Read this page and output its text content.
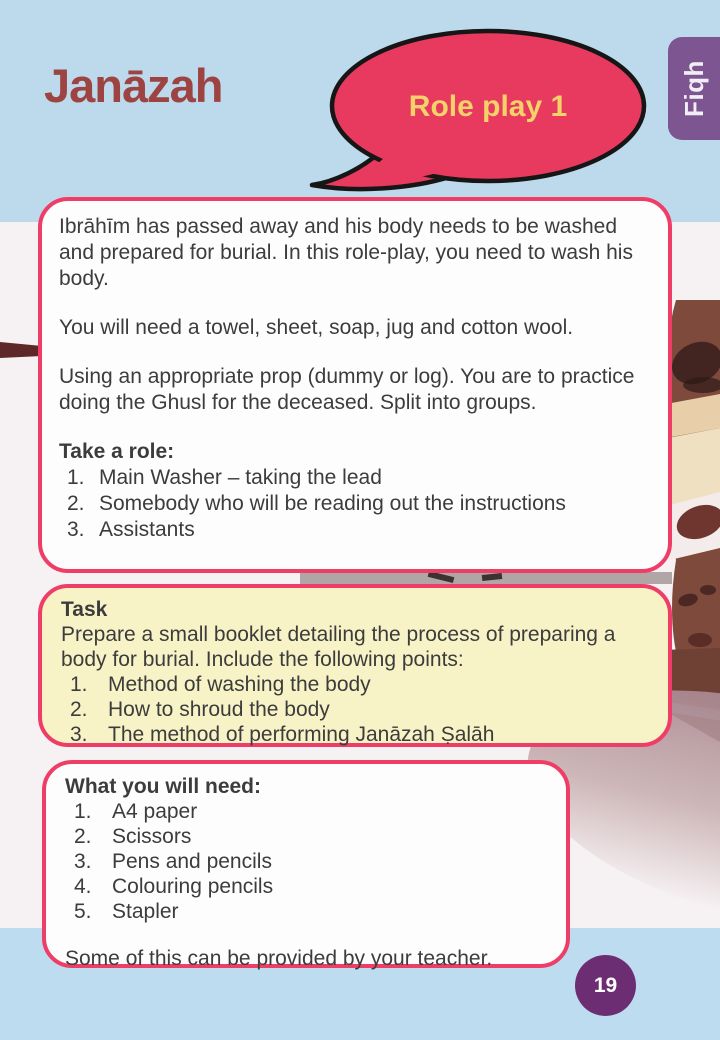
Janāzah	Role play 1	Fiqh

Ibrāhīm has passed away and his body needs to be washed and prepared for burial. In this role-play, you need to wash his body.

You will need a towel, sheet, soap, jug and cotton wool.

Using an appropriate prop (dummy or log). You are to practice doing the Ghusl for the deceased. Split into groups.

Take a role:
1. Main Washer – taking the lead
2. Somebody who will be reading out the instructions
3. Assistants
Task
Prepare a small booklet detailing the process of preparing a body for burial. Include the following points:
1. Method of washing the body
2. How to shroud the body
3. The method of performing Janāzah Ṣalāh
What you will need:
1. A4 paper
2. Scissors
3. Pens and pencils
4. Colouring pencils
5. Stapler
Some of this can be provided by your teacher.
19
